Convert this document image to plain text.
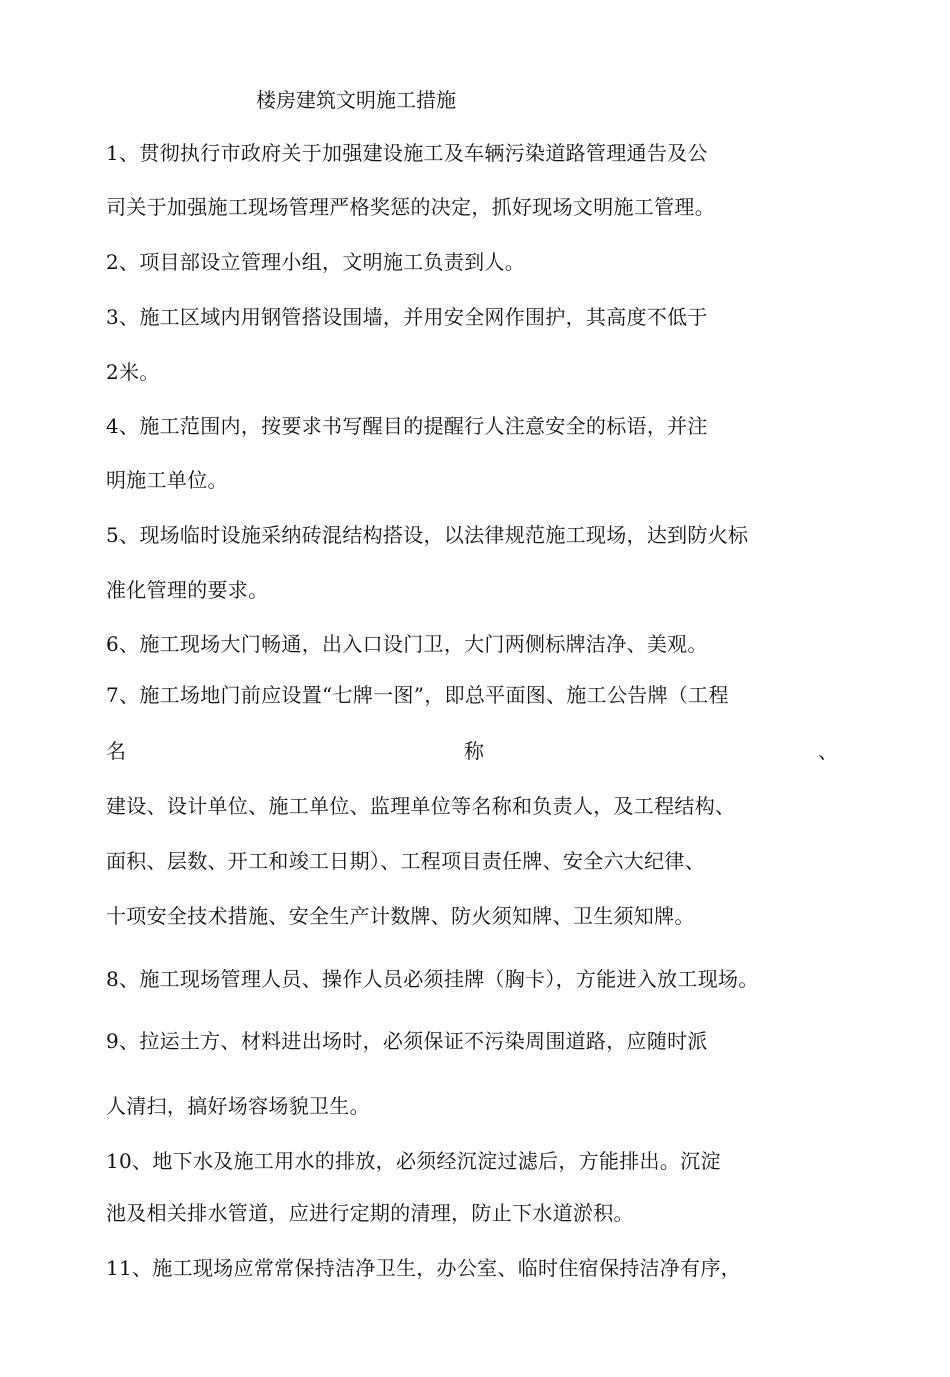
楼房建筑文明施工措施
1、贯彻执行市政府关于加强建设施工及车辆污染道路管理通告及公
司关于加强施工现场管理严格奖惩的决定，抓好现场文明施工管理。
2、项目部设立管理小组，文明施工负责到人。
3、施工区域内用钢管搭设围墙，并用安全网作围护，其高度不低于
2米。
4、施工范围内，按要求书写醒目的提醒行人注意安全的标语，并注
明施工单位。
5、现场临时设施采纳砖混结构搭设，以法律规范施工现场，达到防火标
准化管理的要求。
6、施工现场大门畅通，出入口设门卫，大门两侧标牌洁净、美观。
7、施工场地门前应设置“七牌一图”，即总平面图、施工公告牌（工程
名	称	、
建设、设计单位、施工单位、监理单位等名称和负责人，及工程结构、
面积、层数、开工和竣工日期）、工程项目责任牌、安全六大纪律、
十项安全技术措施、安全生产计数牌、防火须知牌、卫生须知牌。
8、施工现场管理人员、操作人员必须挂牌（胸卡），方能进入放工现场。
9、拉运土方、材料进出场时，必须保证不污染周围道路，应随时派
人清扫，搞好场容场貌卫生。
10、地下水及施工用水的排放，必须经沉淀过滤后，方能排出。沉淀
池及相关排水管道，应进行定期的清理，防止下水道淤积。
11、施工现场应常常保持洁净卫生，办公室、临时住宿保持洁净有序，
